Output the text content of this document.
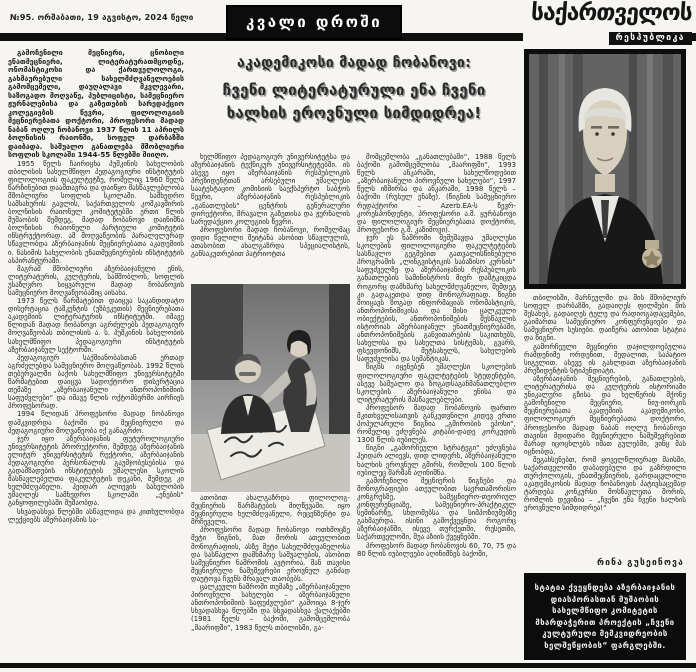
№95. ორშაბათი, 19 აგვისტო, 2024 წელი	კვალი დროში	საქართველოს
რესპუბლიკა

გამოჩენილი მეცნიერი, ცნობილი ენათმეცნიერი, ლიტერატურათმცოდნე, ონომასტიკოსი და ქართველოლოგი, გახმაურებული სახელმძღვანელოების გამომცემელი, დაუღალავი მკვლევარი, საზოგადო მოღვაწე, პუბლიცისტი, სამეცნიერო ჟურნალებისა და გაზეთების სარედაქციო კოლეგიების წევრი, ფილოლოგიის მეცნიერებათა დოქტორი, პროფესორი მადად ნაბან ოღლუ ჩობანოვი 1937 წლის 11 აპრილს ბოლნისის რაიონში, სოფელ დარბაზში დაიბადა. საშუალო განათლება მშობლიური სოფლის სკოლაში 1944-55 წლებში მიიღო.

1955 წელს ჩაირიცხა პუშკინის სახელობის თბილისის სახელმწიფო პედაგოგიური ინსტიტუტის ფილოლოგიის ფაკულტეტზე, რომელიც 1960 წელს წარჩინებით დაამთავრა და დაიწყო მასწავლებლობა მშობლიური სოფლის სკოლაში. სამხედრო სამსახურის გავლის, საქართველოს კომკავშირის ბოლნისის რაიონულ კომიტეტებში ერთი წლის მუშაობის შემდეგ, მადად ჩობანოვი დაინიშნა ბოლნისის რაიონული პარტიული კომიტეტის ინსტრუქტორად. ამ მოღვაწეობის პარალელურად სწავლობდა აზერბაიჯანის მეცნიერებათა აკადემიის ი. ნასიმის სახელობის ენათმეცნიერების ინსტიტუტის ასპირანტურაში.

მაგრამ მშობლიური აზერბაიჯანული ენის, ლიტერატურის, კულტურის, სამშობლოს, სოფლის უსაზღვრო სიყვარული მადად ჩობანოვის სამეცნიერო მოღვაწეობაშიც აისახა.

1973 წელს წარმატებით დაიცვა საკანდიდატო დისერტაცია ტაშკენტის (უზბეკეთის) მეცნიერებათა აკადემიის ლიტერატურის ინსტიტუტში. იმავე წლიდან მადად ჩობანოვი აგრძელებს პედაგოგიურ მოღვაწეობას თბილისის ა. ს. პუშკინის სახელობის სახელმწიფო პედაგოგიური ინსტიტუტის აზერბაიჯანულ სექტორში.

პედაგოგიურ საქმიანობასთან ერთად აგრძელებდა სამეცნიერო მოღვაწეობას. 1992 წლის თებერვალში ბაქოს სახელმწიფო უნივერსიტეტში წარმატებით დაიცვა სადოქტორო დისერტაცია თემაზე „აზერბაიჯანული ანთროპონიმიის საფუძვლები“ და იმავე წლის ოქტომბერში აირჩიეს პროფესორად.

1994 წლიდან პროფესორი მადად ჩობანოვი დამკვიდრდა ბაქოში და მეცნიერული და პედაგოგიური მოღვაწეობა იქ განაგრძო.

ჯერ იყო აზერბაიჯანის ფუტუროლოგიური უნივერსიტეტის პრორექტორი, შემდეგ აზერბაიჯანის ელიტურ უნივერსიტეტის რექტორი, აზერბაიჯანის პედაგოგიური პერსონალის გაუმჯობესებისა და გადამზადების ინსტიტუტის უმაღლესი სკოლის მასწავლებელთა ფაკულტეტის დეკანი, შემდეგ კი ხელმძღვანელი. ჰეიდარ ალიევის სახელობის უმაღლეს სამხედრო სკოლაში „ენების“ განყოფილებაში მუშაობდა.

სხვადასხვა წლებში ასწავლიდა და კითხულობდა ლექციებს აზერბაიჯანის სა-

აკადემიკოსი მადად ჩობანოვი:
ჩვენი ლიტერატურული ენა ჩვენი
ხალხის ეროვნული სიმდიდრეა!

ხელმწიფო პედაგოგიურ უნივერსიტეტსა და აზერბაიჯანის ტექნიკურ უნივერსიტეტებში. ის ასევე იყო აზერბაიჯანის რესპუბლიკის პრეზიდენტთან არსებული უმაღლესი საატესტაციო კომისიის საექსპერტო საბჭოს წევრი, აზერბაიჯანის რესპუბლიკის „განათლების“ ცენტრის გენერალური დირექტორი, მრავალი გაზეთისა და ჟურნალის სარედაქციო კოლეგიის წევრი.

პროფესორი მადად ჩობანოვი, რომელმაც დიდი წვლილი შეიტანა ასობით სწავლულის, ათასობით ახალგაზრდა სპეციალისტის, განსაკუთრებით პატრიოტთა

ათობით ახალგაზრდა ფილოლოგ-მეცნიერის წარმატების მიღწევაში. იყო მეცნიერული ხელმძღვანელი, რეცენზენტი და მრჩეველი.

პროფესორი მადად ჩობანოვი ოთხმოცზე მეტი წიგნის, მათ შორის ათეულობით მონოგრაფიის, ასზე მეტი სახელმძღვანელოსა და სასწავლო დამხმარე საშუალების, ასობით სამეცნიერო ნაშრომის ავტორია. მან თავისი მეცნიერული ნამუშევრები ეროვნულ განძად დაუტოვა ჩვენს მრავალ თაობებს.

ცალკეული ნაშრომი თემაზე „აზერბაიჯანული პიროვნული სახელები – აზერბაიჯანული ანთროპონიმიის საფუძვლები“ გამოიცა 8-ჯერ სხვადასხვა წლებში და სხვადასხვა ქალაქებში (1981 წელს – ბაქოში, გამომცემლობა „მაარიფში“, 1983 წელს თბილისში, გა-

მომცემლობა „განათლებაში“, 1988 წელს ბაქოში გამომცემლობა „მაარიფში“, 1993 წელს ანკარაში, სახელწოდებით „აზერბაიჯანული პიროვნული სახელები“, 1997 წელს იზმირსა და ანკარაში, 1998 წელს – ბაქოში (რუსულ ენაზე). (წიგნის სამეცნიერო რედაქტორი – Azerb.EA-ს წევრ-კორესპონდენტი, პროფესორი ა.მ. ყურბანოვი და ფილოლოგიურ მეცნიერებათა დოქტორი, პროფესორი გ.შ. კაზიმოვი).

ჯერ ეს ნაშრომი შემუშავდა უმაღლესი სკოლების ფილოლოგიური ფაკულტეტების სასწავლო გეგმებით გათვალისწინებული პროგრამის „ლინგვისტიკის საბაზისო კურსის“ საფუძველზე და აზერბაიჯანის რესპუბლიკის განათლების სამინისტროს მიერ დამტკიცდა როგორც დამხმარე სახელმძღვანელო, შემდეგ კი გადაკეთდა დიდ მონოგრაფიად. წიგნი მოიცავს ზოგად ინფორმაციას ონომასტიკის, ანთროპონიმიკისა და მისი ცალკეული ობიექტების, ანთროპონიმების შესწავლის ისტორიას აზერბაიჯანულ ენათმეცნიერებაში, ანთროპონიმების განვითარების საკითხებს, სახელისა და სახელთა სისტემას, გვარს, ფსევდონიმს, მეტსახელს, სახელების საფუძვლისა და სემანტიკას.

წიგნს იყენებენ უმაღლესი სკოლების ფილოლოგიური ფაკულტეტების სტუდენტები, ასევე საშუალო და ზოგადსაგანმანათლებლო სკოლების აზერბაიჯანული ენისა და ლიტერატურის მასწავლებლები.

პროფესორ მადად ჩობანოვის ფართო მკითხველისათვის განკუთვნილი კიდევ ერთი პოპულარული წიგნია „გმირობის ეპოსი“, რომელიც ეძღვნება კიტაბი-დადე კორკუდის 1300 წლის იუბილეს.

წიგნი „გამორჩეული სტრატეგი“ ეძღვნება ჰეიდარ ალიევს, დიდ ლიდერს, აზერბაიჯანული ხალხის ეროვნულ გმირს, რომლის 100 წლის იუბილეც შარშან აღინიშნა.

გამოჩენილი მეცნიერის წიგნები და მონოგრაფიები ათეულობით საერთაშორისო კონგრესზე, სამეცნიერო-თეორიულ კონფერენციაზე, სამეცნიერო-პრაქტიკულ სემინარზე, სხდომებსა და სიმპოზიუმებზე გახმაურდა. ისინი გამოქვეყნდა როგორც აზერბაიჯანში, ისევე თურქეთში, რუსეთში, საქართველოში, შუა აზიის ქვეყნებში.

პროფესორ მადად ჩობანოვის 60, 70, 75 და 80 წლის იუბილეები აღინიშნეს ბაქოში,

თბილისში, მარნეულში და მის მშობლიურ სოფელ დარბაზში, გადაიღეს ფილმები მის შესახებ, გადაიღეს ტელე და რადიოგადაცემები, გაიმართა სამეცნიერო კონფერენციები და სამეცნიერო სესიები. დაიწერა ათობით სტატია და წიგნი.

გამორჩეული მეცნიერი დაჯილდოებულია რამდენიმე ორდენით, მედალით, საპატიო სიგელით. ასევე ის გახლდათ აზერბაიჯანის პრეზიდენტის სტიპენდიატი.

აზერბაიჯანის მეცნიერების, განათლების, ლიტერატურისა და კულტურის ისტორიაში უნიკალური გზისა და ხელწერის მქონე გამოჩენილი მეცნიერი, ნიუ-იორკის მეცნიერებათა აკადემიის აკადემიკოსი, ფილოლოგიურ მეცნიერებათა დოქტორი, პროფესორი მადად ნაბან ოღლუ ჩობანოვი თავისი მდიდარი მეცნიერული ნამუშევრებით მარად იცოცხლებს იმათ გულებში, ვინც მას იცნობდა.

შეგახსენებთ, რომ ყოველწლიურად მაისში, საქართველოში დაბადებული და გაზრდილი თურქოლოგის, ენათმეცნიერის, გარდაცვლილი აკადემიკოსის მადად ჩობანოვის პატივსაცემად ტარდება კონკურსი მოსწავლეთა შორის, რომლის დევიზია – „ჩვენი ენა ჩვენი ხალხის ეროვნული სიმდიდრეა!“

რინა გუსეინოვა
სტატია ქვეყნდება აზერბაიჯანის დიასპორასთან მუშაობის სახელმწიფო კომიტეტის მხარდაჭერით პროექტის „ჩვენი კულტურული მემკვიდრეობის ხელშეწყობის“ ფარგლებში.
